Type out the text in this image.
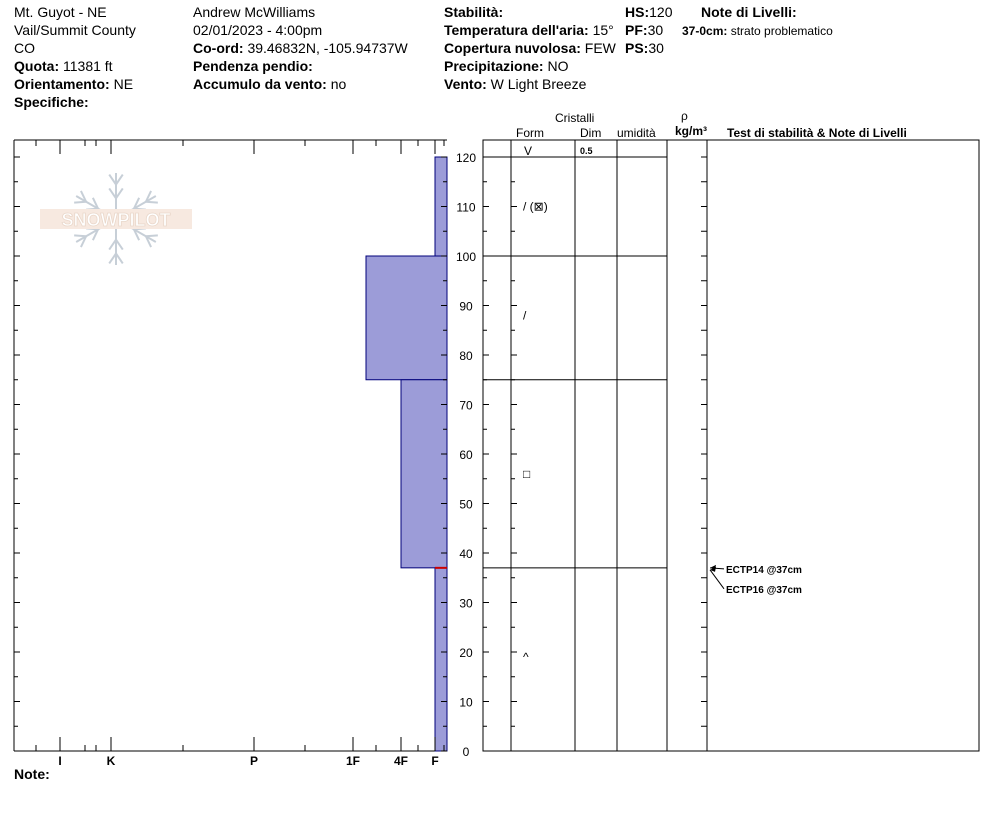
Mt. Guyot - NE
Vail/Summit County
CO
Quota: 11381 ft
Orientamento: NE
Specifiche:
Andrew McWilliams
02/01/2023 - 4:00pm
Co-ord: 39.46832N, -105.94737W
Pendenza pendio:
Accumulo da vento: no
Stabilità:
Temperatura dell'aria: 15°
Copertura nuvolosa: FEW
Precipitazione: NO
Vento: W Light Breeze
HS:120
PF:30
PS:30
Note di Livelli:
37-0cm: strato problematico
Cristalli
Form	Dim umidità
ρ
kg/m³ Test di stabilità & Note di Livelli
SNOWPILOT
0
10
20
30
40
50
60
70
80
90
100
110
120
I	K	P	1F	4F F
0.5
V
/ (⊠)
/
□
^
ECTP14 @37cm
ECTP16 @37cm
Note:
